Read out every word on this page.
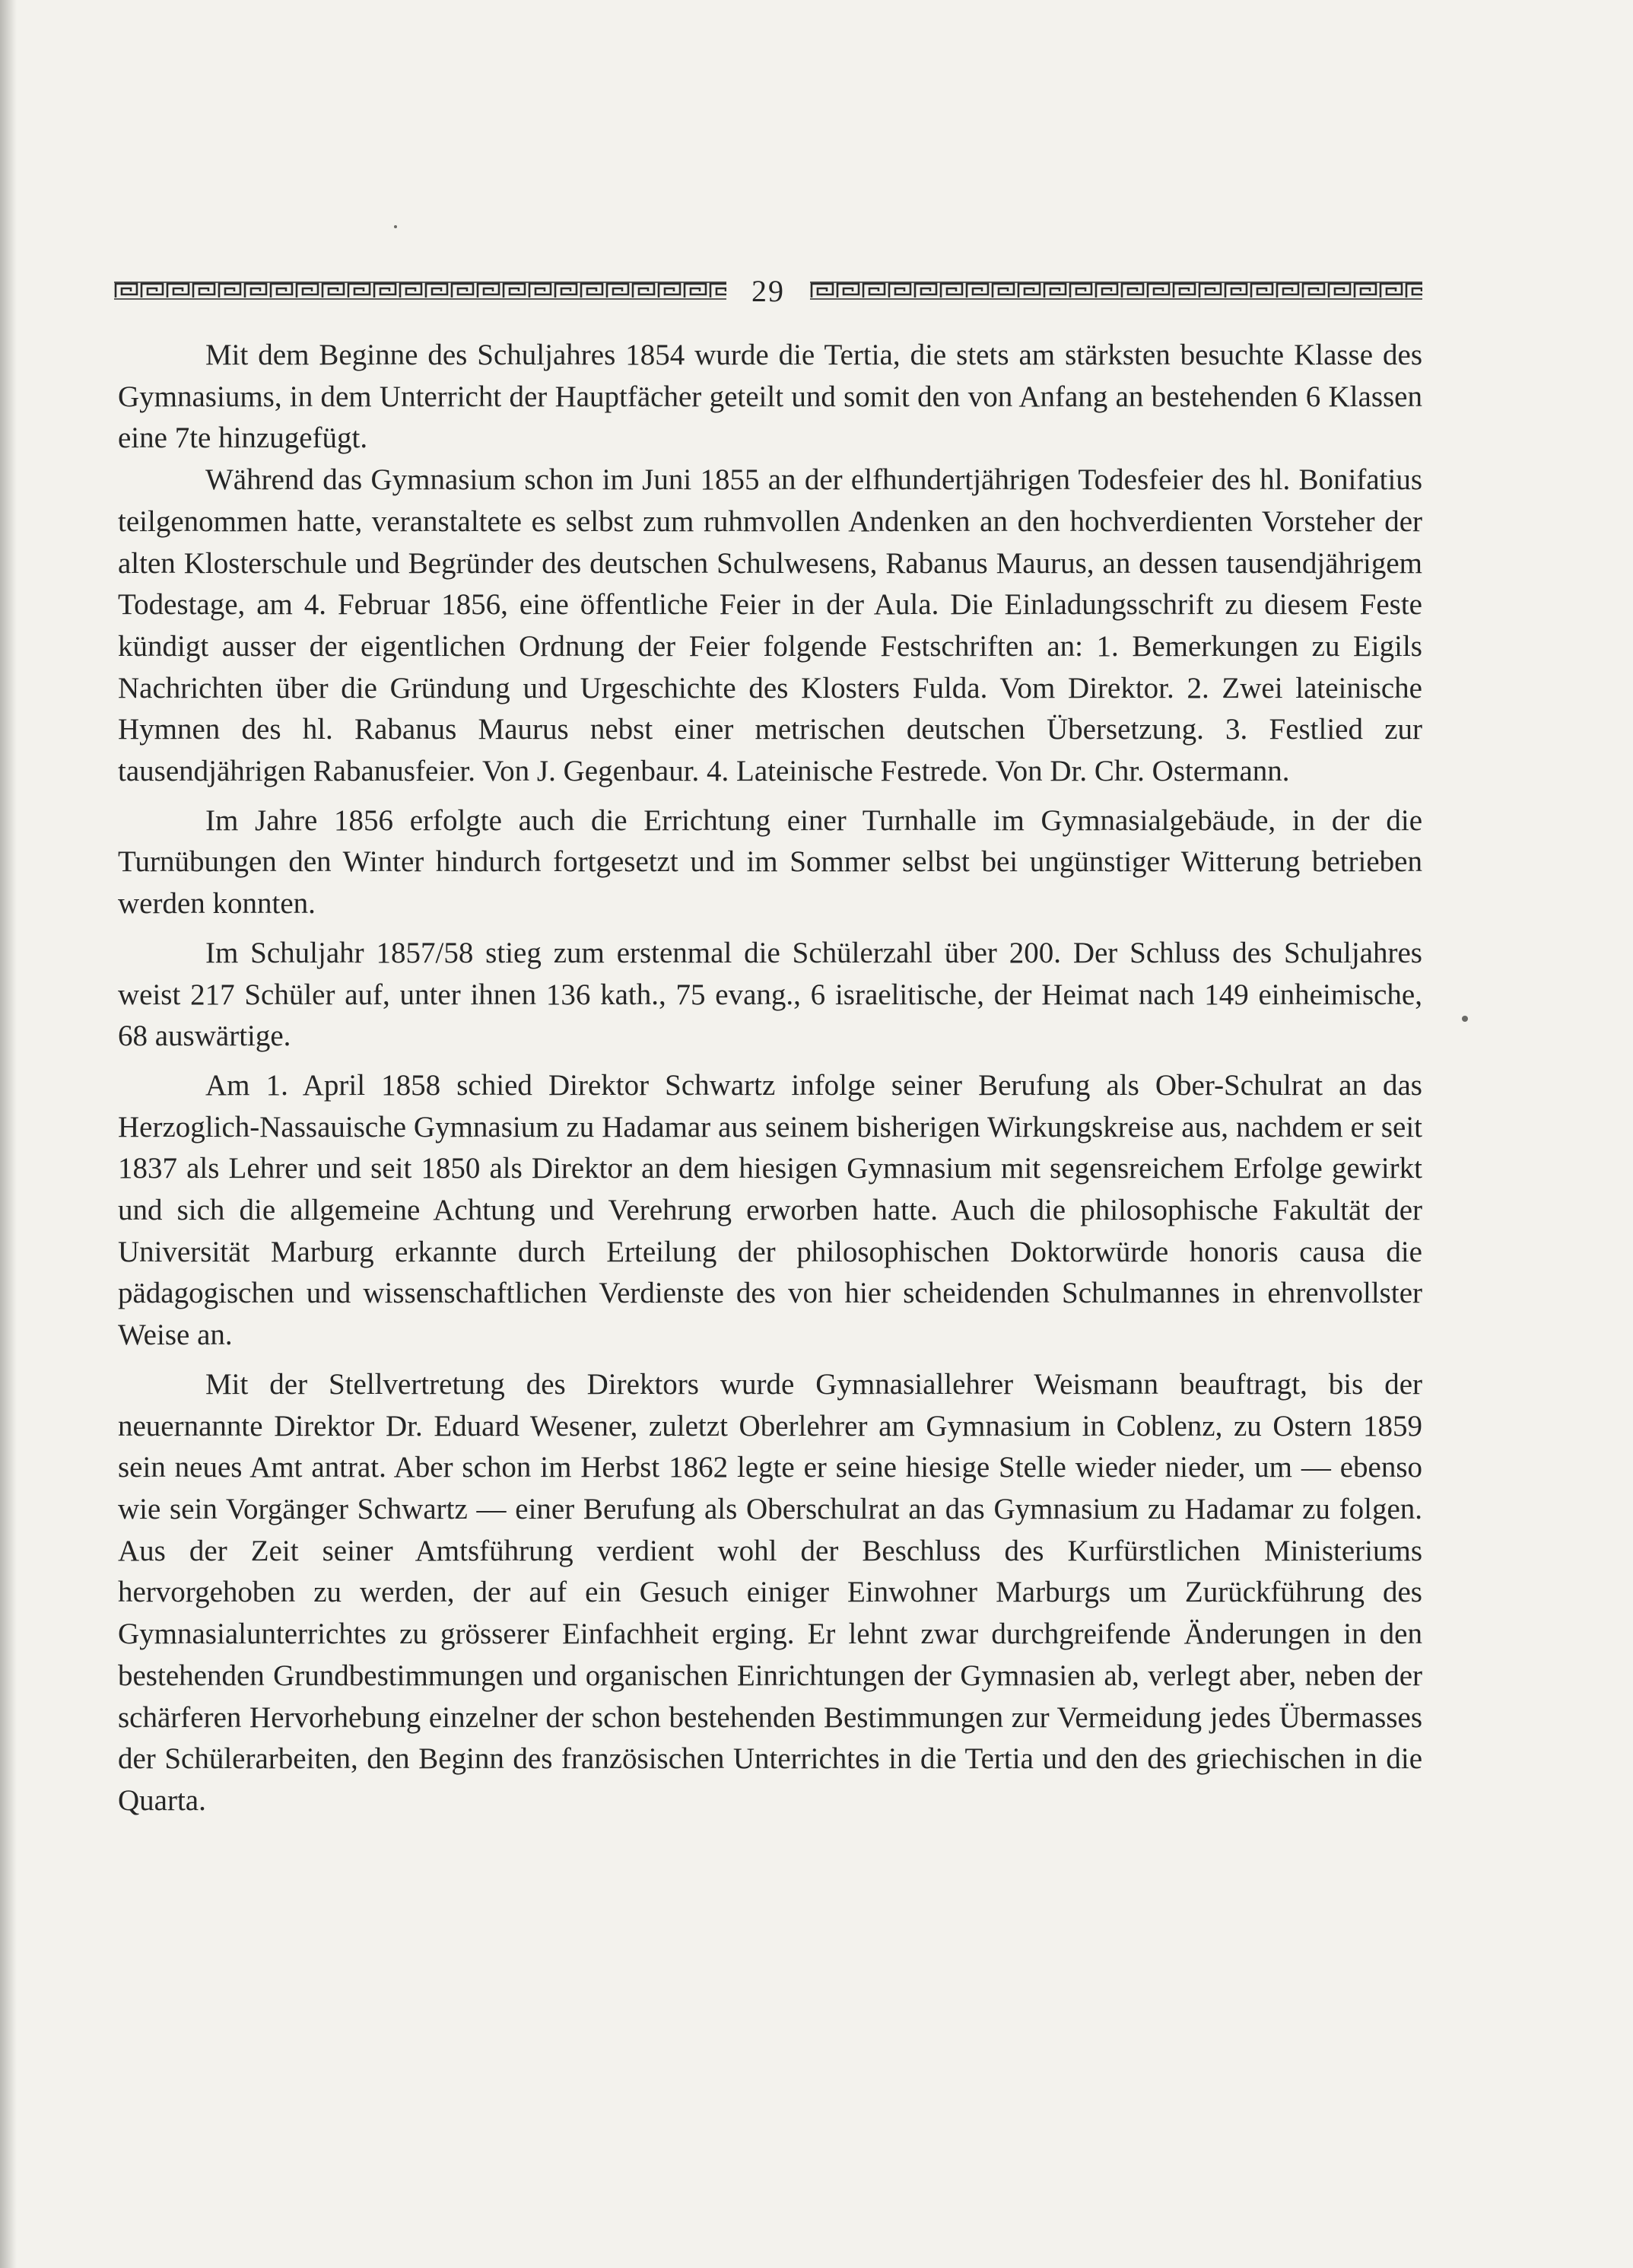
29

Mit dem Beginne des Schuljahres 1854 wurde die Tertia, die stets am stärksten besuchte Klasse des Gymnasiums, in dem Unterricht der Hauptfächer geteilt und somit den von Anfang an bestehenden 6 Klassen eine 7te hinzugefügt.

Während das Gymnasium schon im Juni 1855 an der elfhundertjährigen Todesfeier des hl. Bonifatius teilgenommen hatte, veranstaltete es selbst zum ruhmvollen Andenken an den hochverdienten Vorsteher der alten Klosterschule und Begründer des deutschen Schulwesens, Rabanus Maurus, an dessen tausendjährigem Todestage, am 4. Februar 1856, eine öffentliche Feier in der Aula. Die Einladungsschrift zu diesem Feste kündigt ausser der eigentlichen Ordnung der Feier folgende Festschriften an: 1. Bemerkungen zu Eigils Nachrichten über die Gründung und Urgeschichte des Klosters Fulda. Vom Direktor. 2. Zwei lateinische Hymnen des hl. Rabanus Maurus nebst einer metrischen deutschen Übersetzung. 3. Festlied zur tausendjährigen Rabanusfeier. Von J. Gegenbaur. 4. Lateinische Festrede. Von Dr. Chr. Ostermann.

Im Jahre 1856 erfolgte auch die Errichtung einer Turnhalle im Gymnasialgebäude, in der die Turnübungen den Winter hindurch fortgesetzt und im Sommer selbst bei ungünstiger Witterung betrieben werden konnten.

Im Schuljahr 1857/58 stieg zum erstenmal die Schülerzahl über 200. Der Schluss des Schuljahres weist 217 Schüler auf, unter ihnen 136 kath., 75 evang., 6 israelitische, der Heimat nach 149 einheimische, 68 auswärtige.

Am 1. April 1858 schied Direktor Schwartz infolge seiner Berufung als Ober-Schulrat an das Herzoglich-Nassauische Gymnasium zu Hadamar aus seinem bisherigen Wirkungskreise aus, nachdem er seit 1837 als Lehrer und seit 1850 als Direktor an dem hiesigen Gymnasium mit segensreichem Erfolge gewirkt und sich die allgemeine Achtung und Verehrung erworben hatte. Auch die philosophische Fakultät der Universität Marburg erkannte durch Erteilung der philosophischen Doktorwürde honoris causa die pädagogischen und wissenschaftlichen Verdienste des von hier scheidenden Schulmannes in ehrenvollster Weise an.

Mit der Stellvertretung des Direktors wurde Gymnasiallehrer Weismann beauftragt, bis der neuernannte Direktor Dr. Eduard Wesener, zuletzt Oberlehrer am Gymnasium in Coblenz, zu Ostern 1859 sein neues Amt antrat. Aber schon im Herbst 1862 legte er seine hiesige Stelle wieder nieder, um — ebenso wie sein Vorgänger Schwartz — einer Berufung als Oberschulrat an das Gymnasium zu Hadamar zu folgen. Aus der Zeit seiner Amtsführung verdient wohl der Beschluss des Kurfürstlichen Ministeriums hervorgehoben zu werden, der auf ein Gesuch einiger Einwohner Marburgs um Zurückführung des Gymnasialunterrichtes zu grösserer Einfachheit erging. Er lehnt zwar durchgreifende Änderungen in den bestehenden Grundbestimmungen und organischen Einrichtungen der Gymnasien ab, verlegt aber, neben der schärferen Hervorhebung einzelner der schon bestehenden Bestimmungen zur Vermeidung jedes Übermasses der Schülerarbeiten, den Beginn des französischen Unterrichtes in die Tertia und den des griechischen in die Quarta.
